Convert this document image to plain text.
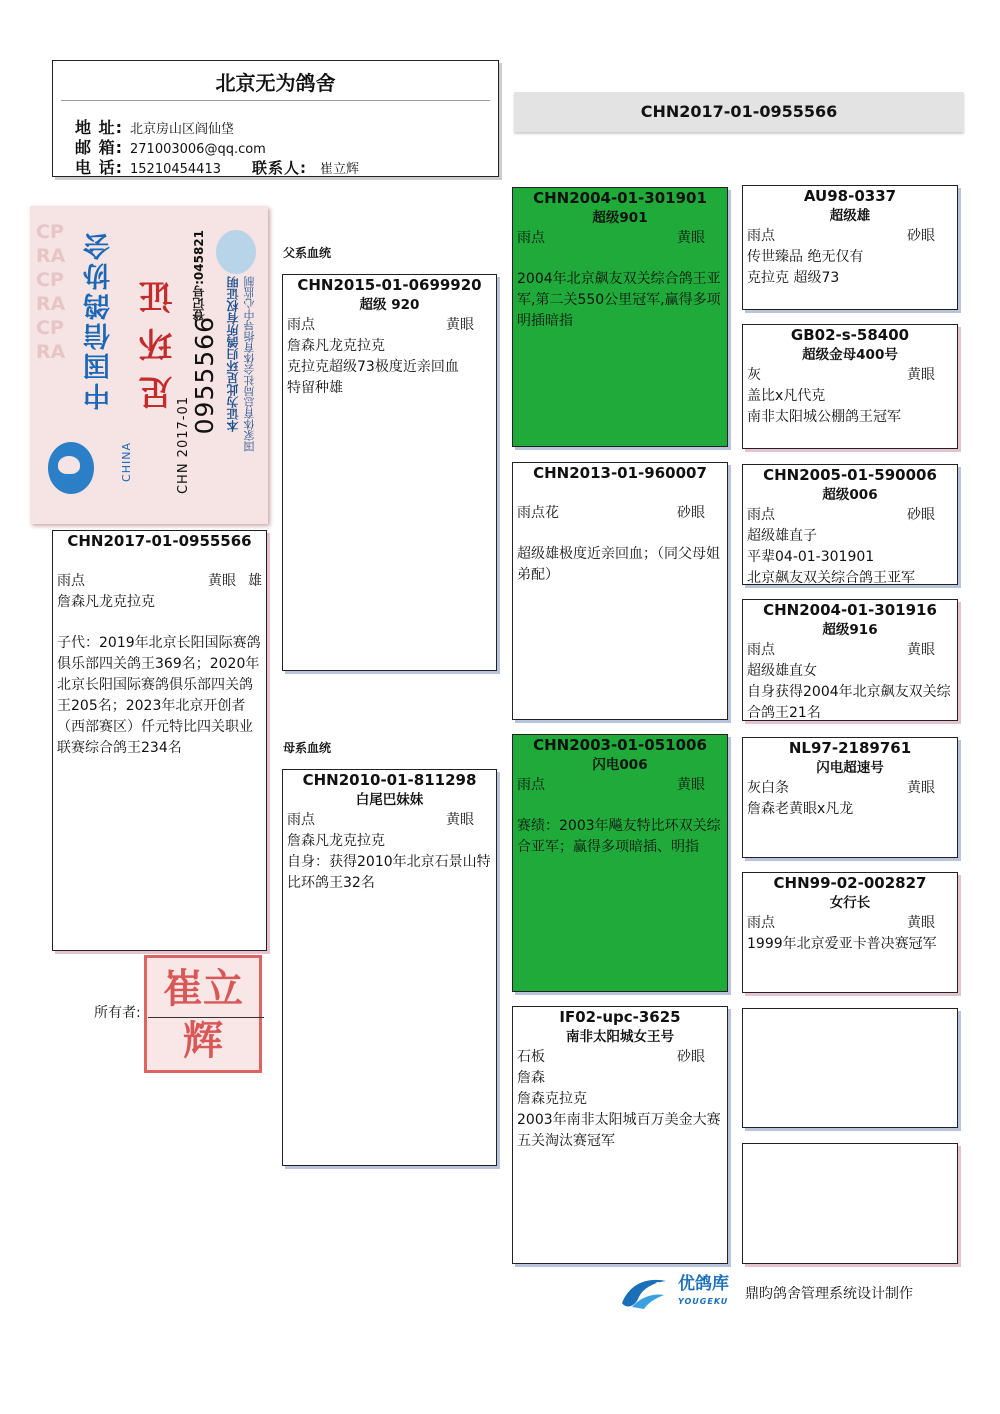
北京无为鸽舍
地 址: 北京房山区阎仙垡
邮 箱: 271003006@qq.com
电 话: 15210454413	联系人:	崔立辉
CHN2017-01-0955566
CPRACPRACPRA
CHINA
中国信鸽协会 足环证
CHN 2017-01
0955566
登记号:045821
本证为此足环归鸽所有权证明 国家体育总局社会体育指导中心监制
CHN2017-01-0955566
雨点	黄眼 雄
詹森凡龙克拉克
子代：2019年北京长阳国际赛鸽俱乐部四关鸽王369名；2020年北京长阳国际赛鸽俱乐部四关鸽王205名；2023年北京开创者（西部赛区）仟元特比四关职业联赛综合鸽王234名
父系血统
母系血统
CHN2015-01-0699920
超级 920
雨点	黄眼
詹森凡龙克拉克
克拉克超级73极度近亲回血
特留种雄
CHN2010-01-811298
白尾巴妹妹
雨点	黄眼
詹森凡龙克拉克
自身：获得2010年北京石景山特比环鸽王32名
CHN2004-01-301901
超级901
雨点	黄眼
2004年北京飙友双关综合鸽王亚军,第二关550公里冠军,赢得多项明插暗指
CHN2013-01-960007
雨点花	砂眼
超级雄极度近亲回血；（同父母姐弟配）
CHN2003-01-051006
闪电006
雨点	黄眼
赛绩：2003年飚友特比环双关综合亚军；赢得多项暗插、明指
IF02-upc-3625
南非太阳城女王号
石板	砂眼
詹森
詹森克拉克
2003年南非太阳城百万美金大赛五关淘汰赛冠军
AU98-0337
超级雄
雨点	砂眼
传世臻品 绝无仅有
克拉克 超级73
GB02-s-58400
超级金母400号
灰	黄眼
盖比x凡代克
南非太阳城公棚鸽王冠军
CHN2005-01-590006
超级006
雨点	砂眼
超级雄直子
平辈04-01-301901
北京飙友双关综合鸽王亚军
CHN2004-01-301916
超级916
雨点	黄眼
超级雄直女
自身获得2004年北京飙友双关综合鸽王21名
NL97-2189761
闪电超速号
灰白条	黄眼
詹森老黄眼x凡龙
CHN99-02-002827
女行长
雨点	黄眼
1999年北京爱亚卡普决赛冠军
崔立辉
所有者:
优鸽库
YOUGEKU 鼎昀鸽舍管理系统设计制作
